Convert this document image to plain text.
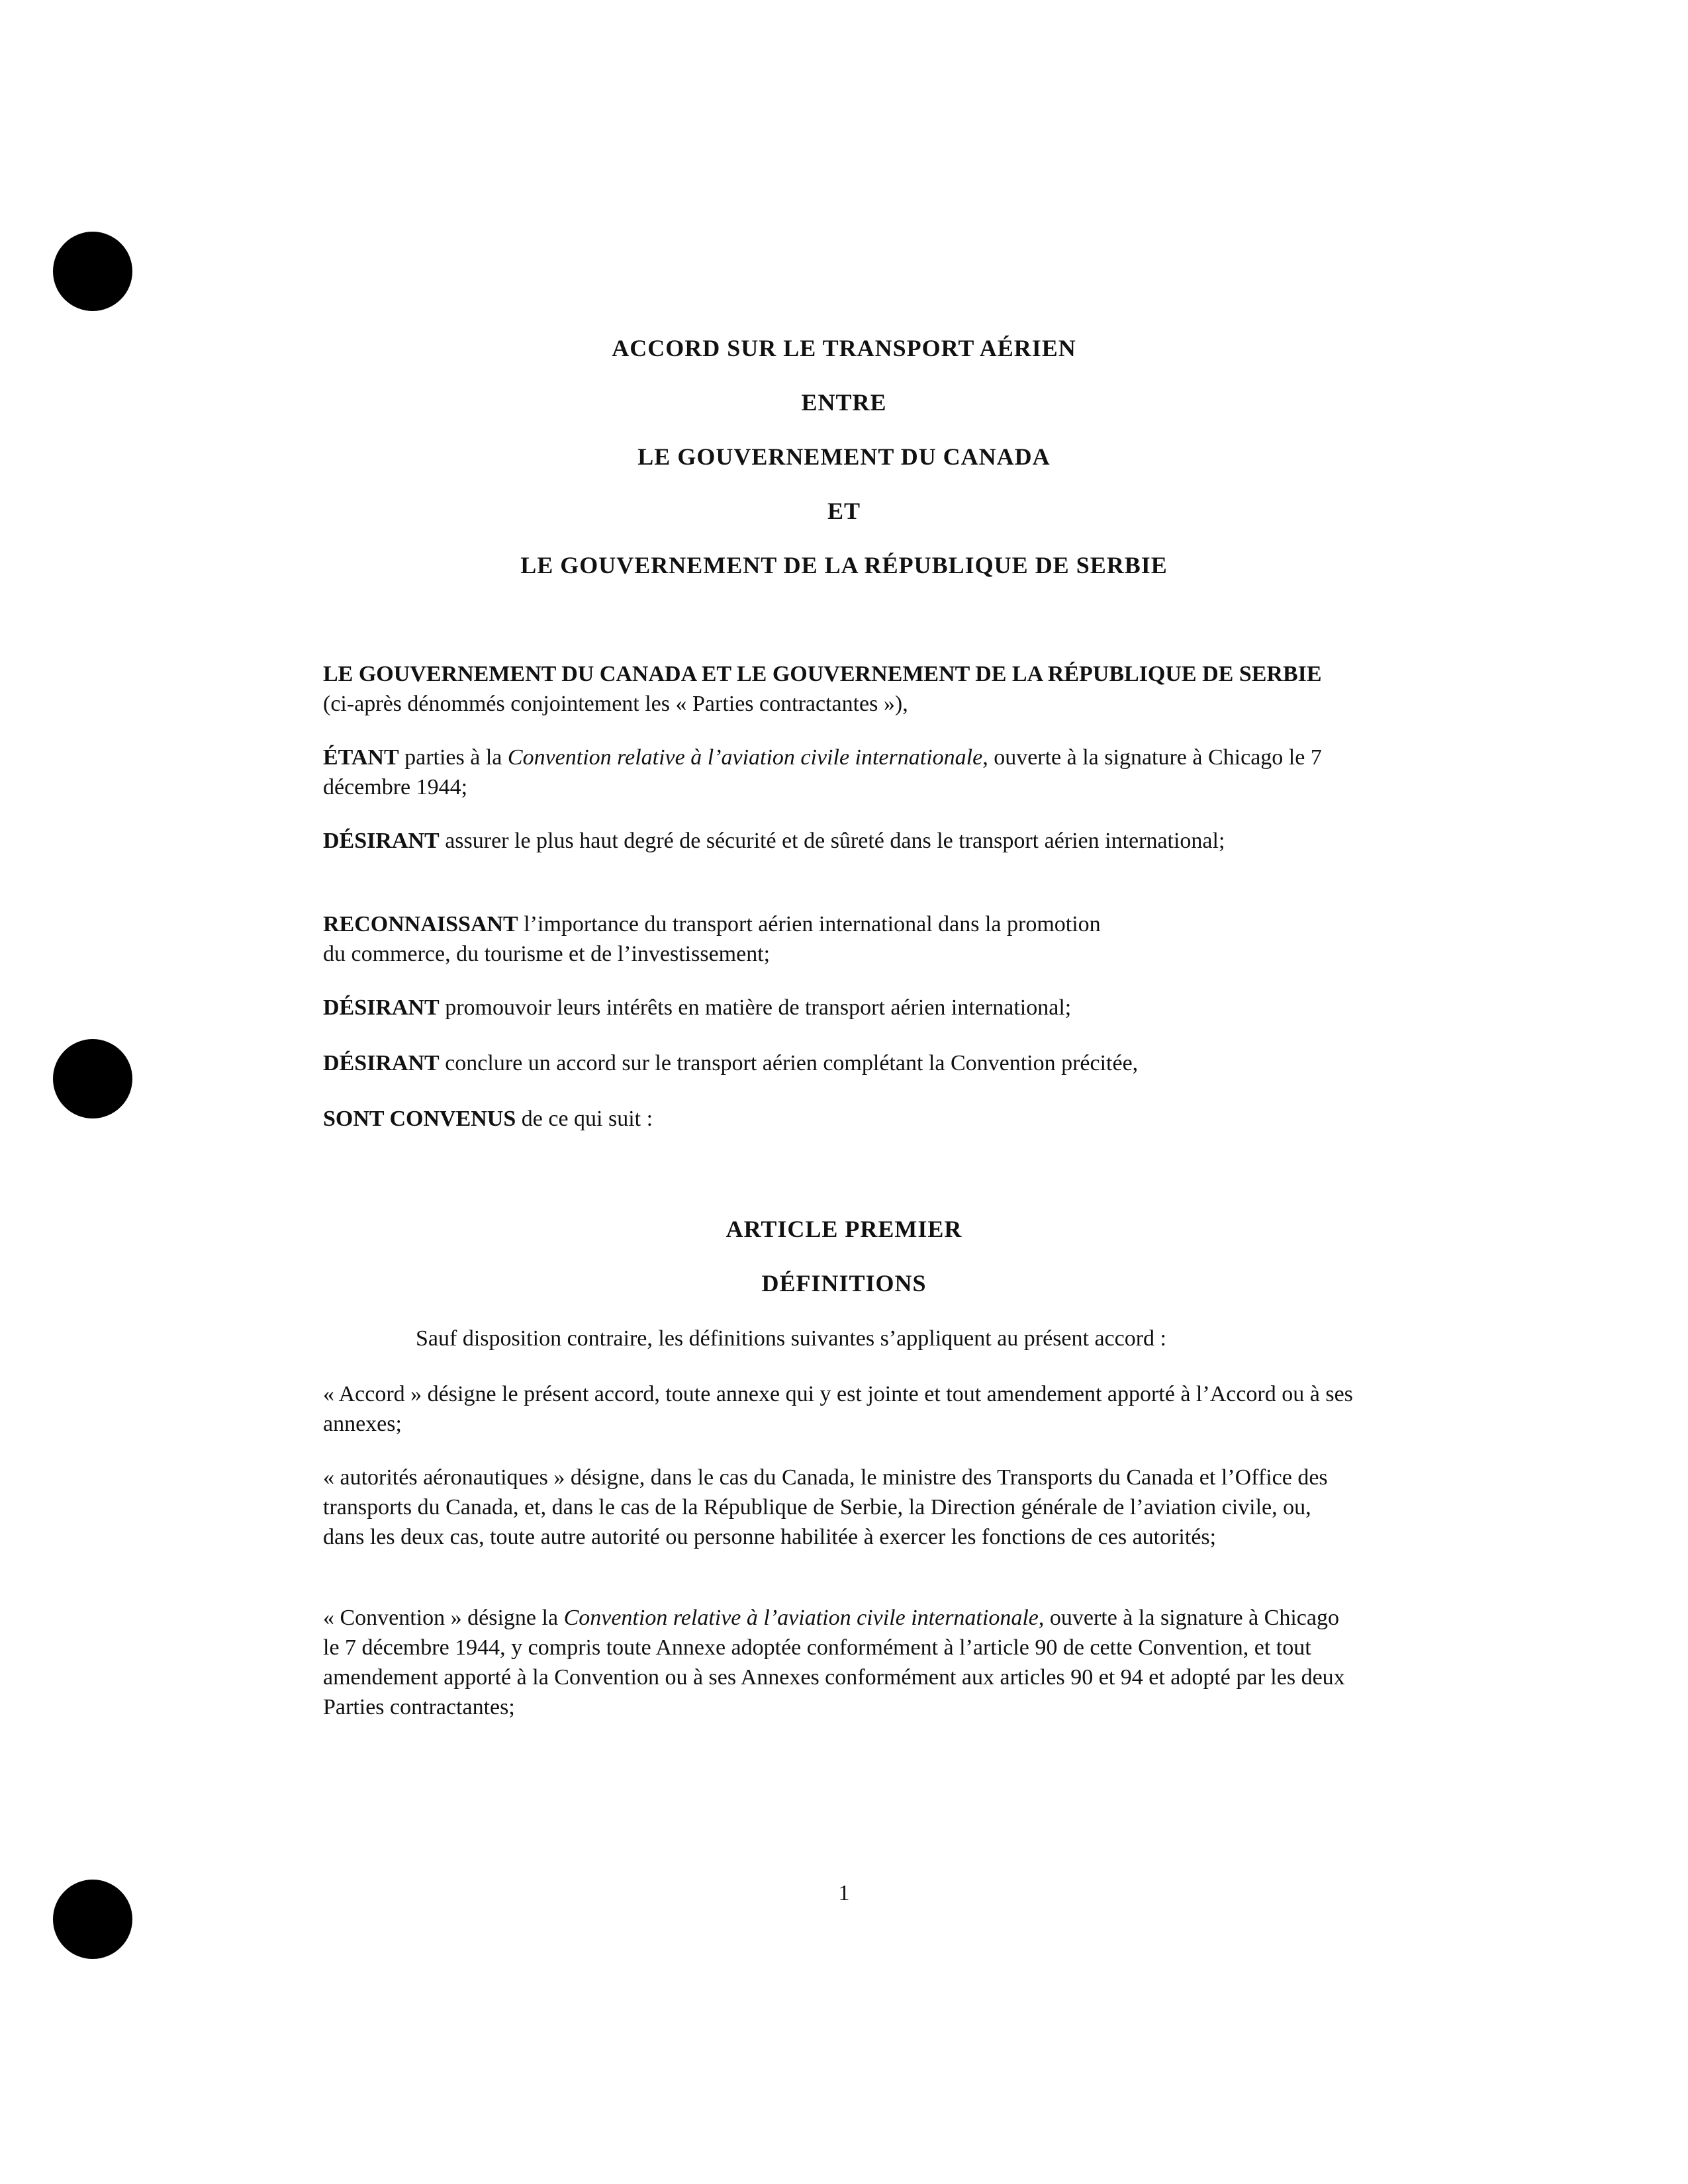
ACCORD SUR LE TRANSPORT AÉRIEN
ENTRE
LE GOUVERNEMENT DU CANADA
ET
LE GOUVERNEMENT DE LA RÉPUBLIQUE DE SERBIE
LE GOUVERNEMENT DU CANADA ET LE GOUVERNEMENT DE LA RÉPUBLIQUE DE SERBIE (ci-après dénommés conjointement les « Parties contractantes »),
ÉTANT parties à la Convention relative à l’aviation civile internationale, ouverte à la signature à Chicago le 7 décembre 1944;
DÉSIRANT assurer le plus haut degré de sécurité et de sûreté dans le transport aérien international;
RECONNAISSANT l’importance du transport aérien international dans la promotion
du commerce, du tourisme et de l’investissement;
DÉSIRANT promouvoir leurs intérêts en matière de transport aérien international;
DÉSIRANT conclure un accord sur le transport aérien complétant la Convention précitée,
SONT CONVENUS de ce qui suit :
ARTICLE PREMIER
DÉFINITIONS
Sauf disposition contraire, les définitions suivantes s’appliquent au présent accord :
« Accord » désigne le présent accord, toute annexe qui y est jointe et tout amendement apporté à l’Accord ou à ses annexes;
« autorités aéronautiques » désigne, dans le cas du Canada, le ministre des Transports du Canada et l’Office des transports du Canada, et, dans le cas de la République de Serbie, la Direction générale de l’aviation civile, ou, dans les deux cas, toute autre autorité ou personne habilitée à exercer les fonctions de ces autorités;
« Convention » désigne la Convention relative à l’aviation civile internationale, ouverte à la signature à Chicago le 7 décembre 1944, y compris toute Annexe adoptée conformément à l’article 90 de cette Convention, et tout amendement apporté à la Convention ou à ses Annexes conformément aux articles 90 et 94 et adopté par les deux Parties contractantes;
1
